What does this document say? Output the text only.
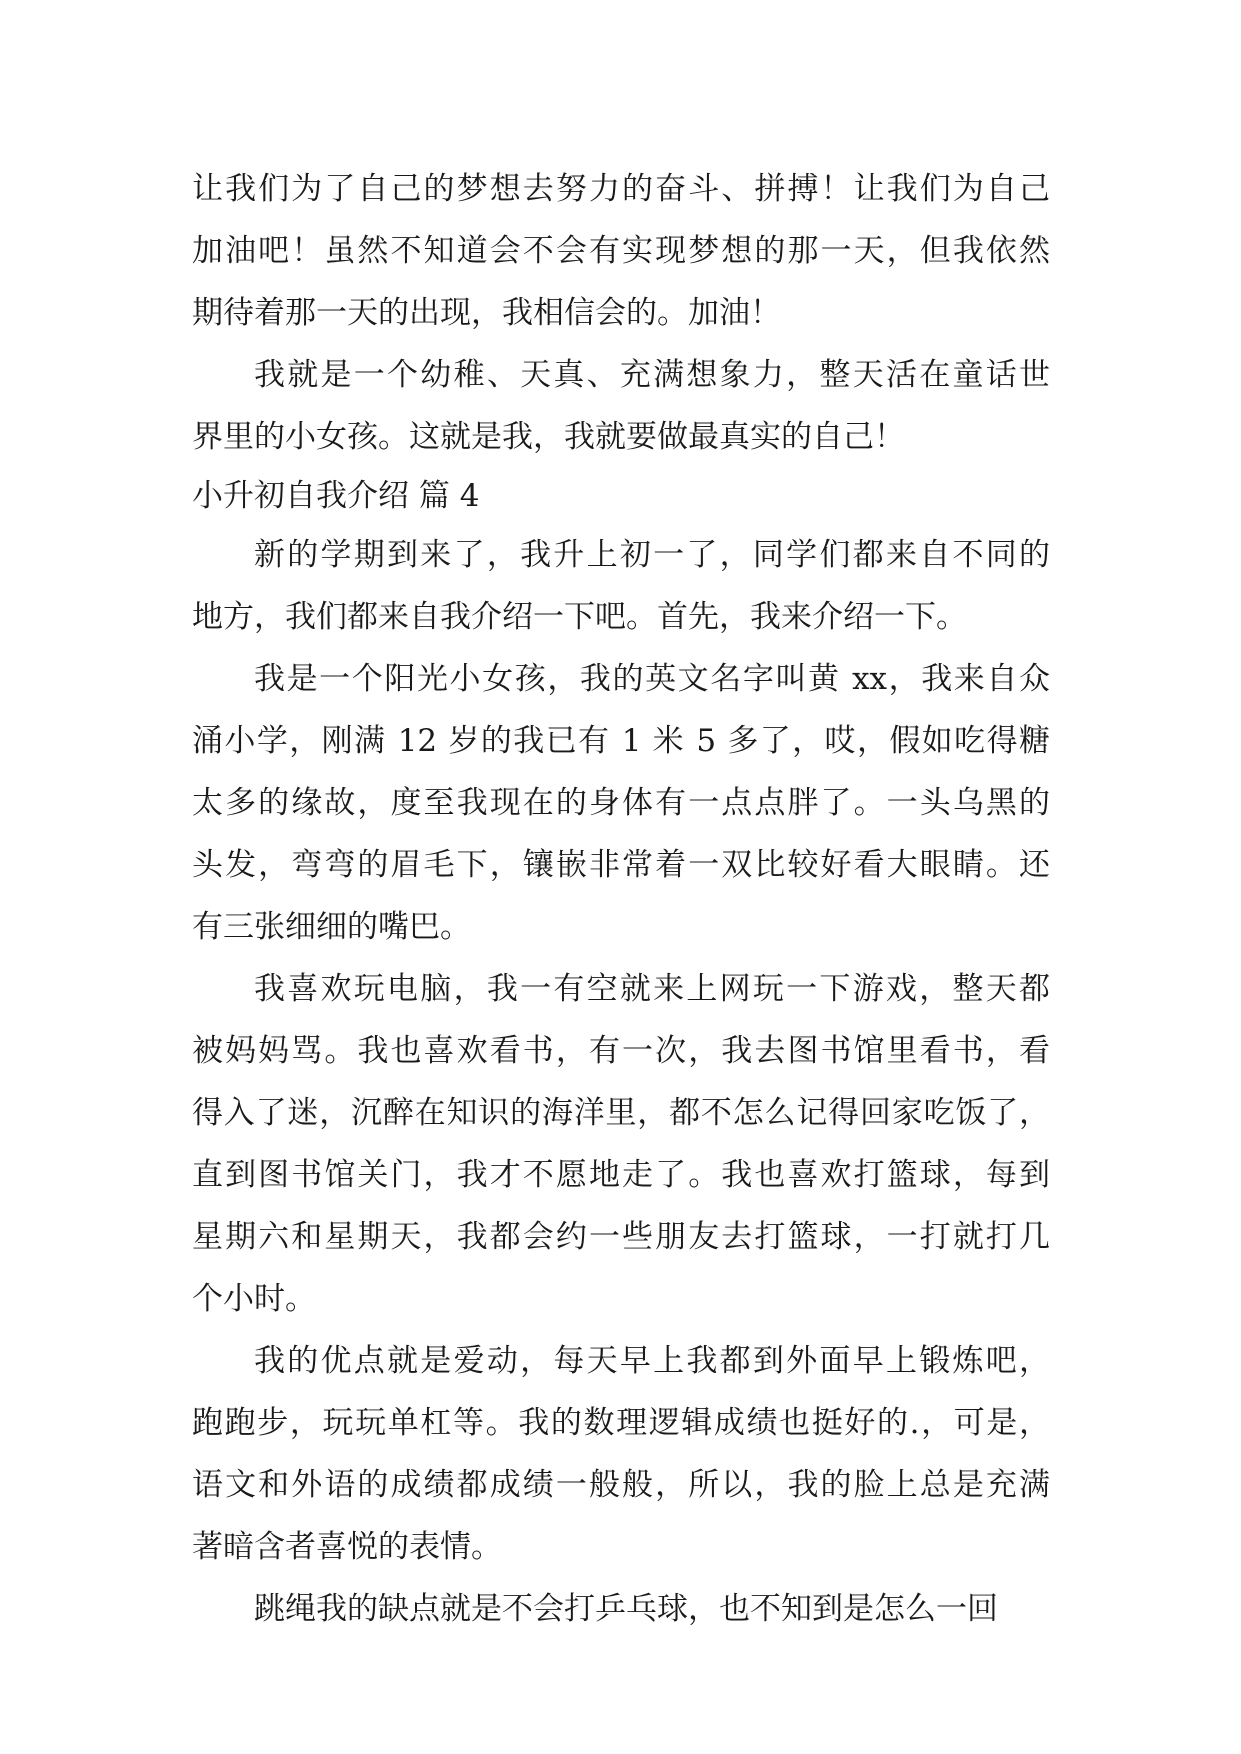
让我们为了自己的梦想去努力的奋斗、拼搏！让我们为自己
加油吧！虽然不知道会不会有实现梦想的那一天，但我依然
期待着那一天的出现，我相信会的。加油！
我就是一个幼稚、天真、充满想象力，整天活在童话世
界里的小女孩。这就是我，我就要做最真实的自己！
小升初自我介绍 篇 4
新的学期到来了，我升上初一了，同学们都来自不同的
地方，我们都来自我介绍一下吧。首先，我来介绍一下。
我是一个阳光小女孩，我的英文名字叫黄 xx，我来自众
涌小学，刚满 12 岁的我已有 1 米 5 多了，哎，假如吃得糖
太多的缘故，度至我现在的身体有一点点胖了。一头乌黑的
头发，弯弯的眉毛下，镶嵌非常着一双比较好看大眼睛。还
有三张细细的嘴巴。
我喜欢玩电脑，我一有空就来上网玩一下游戏，整天都
被妈妈骂。我也喜欢看书，有一次，我去图书馆里看书，看
得入了迷，沉醉在知识的海洋里，都不怎么记得回家吃饭了，
直到图书馆关门，我才不愿地走了。我也喜欢打篮球，每到
星期六和星期天，我都会约一些朋友去打篮球，一打就打几
个小时。
我的优点就是爱动，每天早上我都到外面早上锻炼吧，
跑跑步，玩玩单杠等。我的数理逻辑成绩也挺好的.，可是，
语文和外语的成绩都成绩一般般，所以，我的脸上总是充满
著暗含者喜悦的表情。
跳绳我的缺点就是不会打乒乓球，也不知到是怎么一回
